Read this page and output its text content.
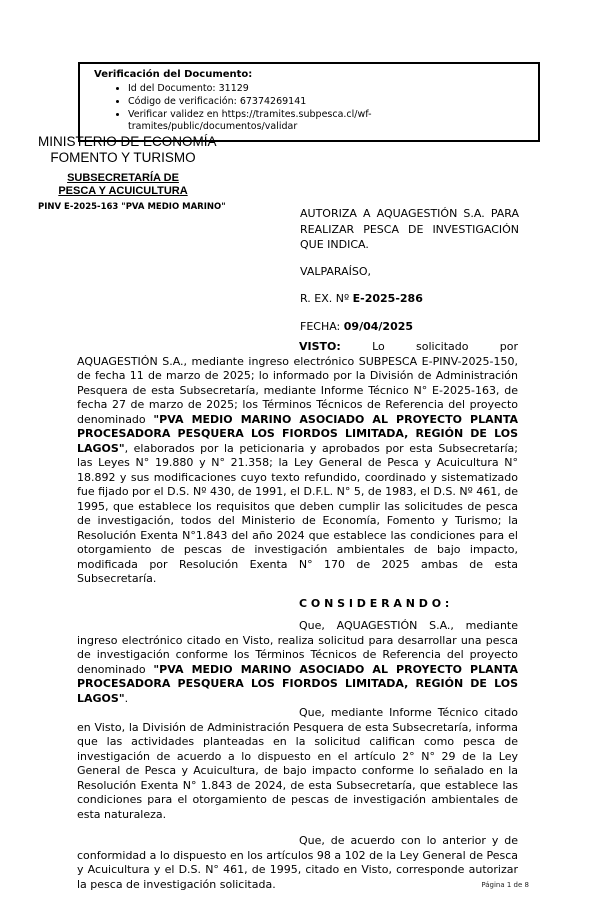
Verificación del Documento:
• Id del Documento: 31129
• Código de verificación: 67374269141
• Verificar validez en https://tramites.subpesca.cl/wf-tramites/public/documentos/validar
MINISTERIO DE ECONOMÍA
FOMENTO Y TURISMO
SUBSECRETARÍA DE PESCA Y ACUICULTURA
PINV E-2025-163 "PVA MEDIO MARINO"	AUTORIZA A AQUAGESTIÓN S.A. PARA REALIZAR PESCA DE INVESTIGACIÓN QUE INDICA.
VALPARAÍSO,
R. EX. Nº E-2025-286
FECHA: 09/04/2025

VISTO: Lo solicitado por AQUAGESTIÓN S.A., mediante ingreso electrónico SUBPESCA E-PINV-2025-150, de fecha 11 de marzo de 2025; lo informado por la División de Administración Pesquera de esta Subsecretaría, mediante Informe Técnico N° E-2025-163, de fecha 27 de marzo de 2025; los Términos Técnicos de Referencia del proyecto denominado "PVA MEDIO MARINO ASOCIADO AL PROYECTO PLANTA PROCESADORA PESQUERA LOS FIORDOS LIMITADA, REGIÓN DE LOS LAGOS", elaborados por la peticionaria y aprobados por esta Subsecretaría; las Leyes N° 19.880 y N° 21.358; la Ley General de Pesca y Acuicultura N° 18.892 y sus modificaciones cuyo texto refundido, coordinado y sistematizado fue fijado por el D.S. Nº 430, de 1991, el D.F.L. N° 5, de 1983, el D.S. Nº 461, de 1995, que establece los requisitos que deben cumplir las solicitudes de pesca de investigación, todos del Ministerio de Economía, Fomento y Turismo; la Resolución Exenta N°1.843 del año 2024 que establece las condiciones para el otorgamiento de pescas de investigación ambientales de bajo impacto, modificada por Resolución Exenta N° 170 de 2025 ambas de esta Subsecretaría.

C O N S I D E R A N D O :

Que, AQUAGESTIÓN S.A., mediante ingreso electrónico citado en Visto, realiza solicitud para desarrollar una pesca de investigación conforme los Términos Técnicos de Referencia del proyecto denominado "PVA MEDIO MARINO ASOCIADO AL PROYECTO PLANTA PROCESADORA PESQUERA LOS FIORDOS LIMITADA, REGIÓN DE LOS LAGOS".

Que, mediante Informe Técnico citado en Visto, la División de Administración Pesquera de esta Subsecretaría, informa que las actividades planteadas en la solicitud califican como pesca de investigación de acuerdo a lo dispuesto en el artículo 2° N° 29 de la Ley General de Pesca y Acuicultura, de bajo impacto conforme lo señalado en la Resolución Exenta N° 1.843 de 2024, de esta Subsecretaría, que establece las condiciones para el otorgamiento de pescas de investigación ambientales de esta naturaleza.

Que, de acuerdo con lo anterior y de conformidad a lo dispuesto en los artículos 98 a 102 de la Ley General de Pesca y Acuicultura y el D.S. N° 461, de 1995, citado en Visto, corresponde autorizar la pesca de investigación solicitada.	Página 1 de 8
